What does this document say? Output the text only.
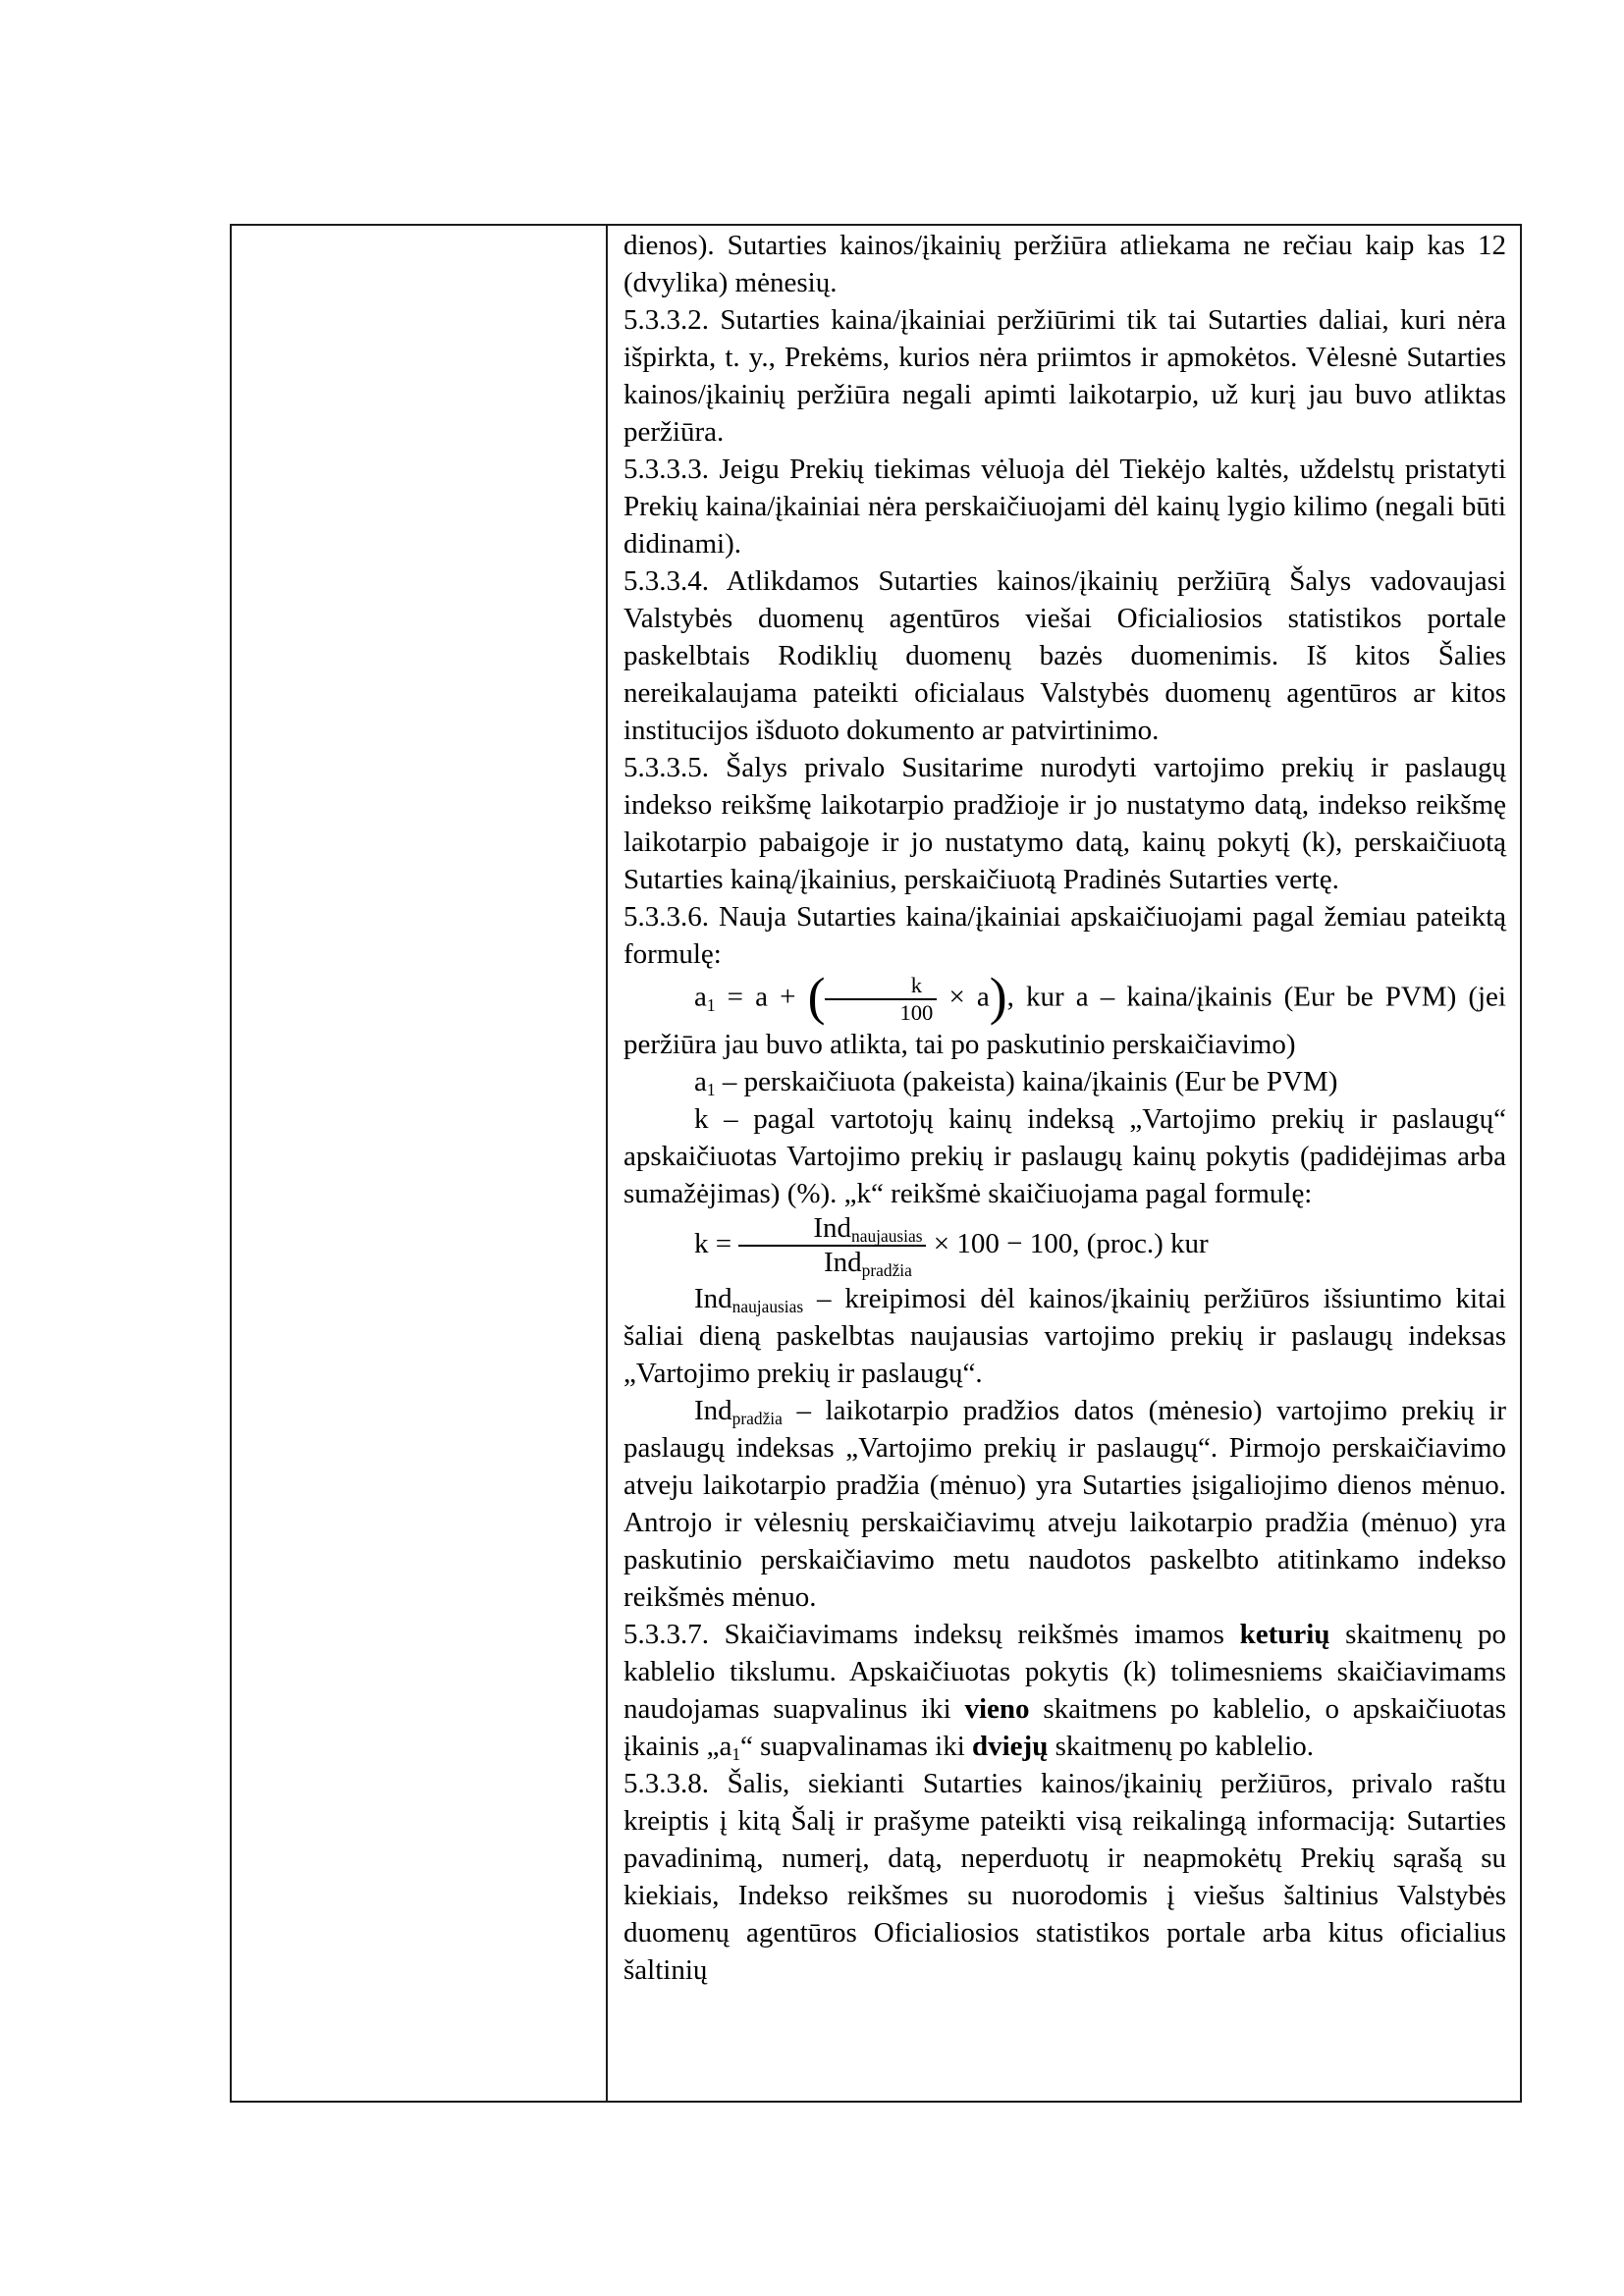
dienos). Sutarties kainos/įkainių peržiūra atliekama ne rečiau kaip kas 12 (dvylika) mėnesių.

5.3.3.2. Sutarties kaina/įkainiai peržiūrimi tik tai Sutarties daliai, kuri nėra išpirkta, t. y., Prekėms, kurios nėra priimtos ir apmokėtos. Vėlesnė Sutarties kainos/įkainių peržiūra negali apimti laikotarpio, už kurį jau buvo atliktas peržiūra.

5.3.3.3. Jeigu Prekių tiekimas vėluoja dėl Tiekėjo kaltės, uždelstų pristatyti Prekių kaina/įkainiai nėra perskaičiuojami dėl kainų lygio kilimo (negali būti didinami).

5.3.3.4. Atlikdamos Sutarties kainos/įkainių peržiūrą Šalys vadovaujasi Valstybės duomenų agentūros viešai Oficialiosios statistikos portale paskelbtais Rodiklių duomenų bazės duomenimis. Iš kitos Šalies nereikalaujama pateikti oficialaus Valstybės duomenų agentūros ar kitos institucijos išduoto dokumento ar patvirtinimo.

5.3.3.5. Šalys privalo Susitarime nurodyti vartojimo prekių ir paslaugų indekso reikšmę laikotarpio pradžioje ir jo nustatymo datą, indekso reikšmę laikotarpio pabaigoje ir jo nustatymo datą, kainų pokytį (k), perskaičiuotą Sutarties kainą/įkainius, perskaičiuotą Pradinės Sutarties vertę.

5.3.3.6. Nauja Sutarties kaina/įkainiai apskaičiuojami pagal žemiau pateiktą formulę:

$a_1 = a$ + ( $\frac{k}{100} \times a$), kur a – kaina/įkainis (Eur be PVM) (jei peržiūra jau buvo atlikta, tai po paskutinio perskaičiavimo)

$a_1$ – perskaičiuota (pakeista) kaina/įkainis (Eur be PVM)

k – pagal vartotojų kainų indeksą „Vartojimo prekių ir paslaugų“ apskaičiuotas Vartojimo prekių ir paslaugų kainų pokytis (padidėjimas arba sumažėjimas) (%). „k“ reikšmė skaičiuojama pagal formulę:

$k = \frac{Ind_{naujausias}}{Ind_{pradžia}} \times 100 - 100$, (proc.) kur

Ind$_{naujausias}$ – kreipimosi dėl kainos/įkainių peržiūros išsiuntimo kitai šaliai dieną paskelbtas naujausias vartojimo prekių ir paslaugų indeksas „Vartojimo prekių ir paslaugų“.

Ind$_{pradžia}$ – laikotarpio pradžios datos (mėnesio) vartojimo prekių ir paslaugų indeksas „Vartojimo prekių ir paslaugų“. Pirmojo perskaičiavimo atveju laikotarpio pradžia (mėnuo) yra Sutarties įsigaliojimo dienos mėnuo. Antrojo ir vėlesnių perskaičiavimų atveju laikotarpio pradžia (mėnuo) yra paskutinio perskaičiavimo metu naudotos paskelbto atitinkamo indekso reikšmės mėnuo.

5.3.3.7. Skaičiavimams indeksų reikšmės imamos keturių skaitmenų po kablelio tikslumu. Apskaičiuotas pokytis (k) tolimesniems skaičiavimams naudojamas suapvalinus iki vieno skaitmens po kablelio, o apskaičiuotas įkainis $„a_1“$ suapvalinamas iki dviejų skaitmenų po kablelio.

5.3.3.8. Šalis, siekianti Sutarties kainos/įkainių peržiūros, privalo raštu kreiptis į kitą Šalį ir prašyme pateikti visą reikalingą informaciją: Sutarties pavadinimą, numerį, datą, neperduotų ir neapmokėtų Prekių sąrašą su kiekiais, Indekso reikšmes su nuorodomis į viešus šaltinius Valstybės duomenų agentūros Oficialiosios statistikos portale arba kitus oficialius šaltinių
